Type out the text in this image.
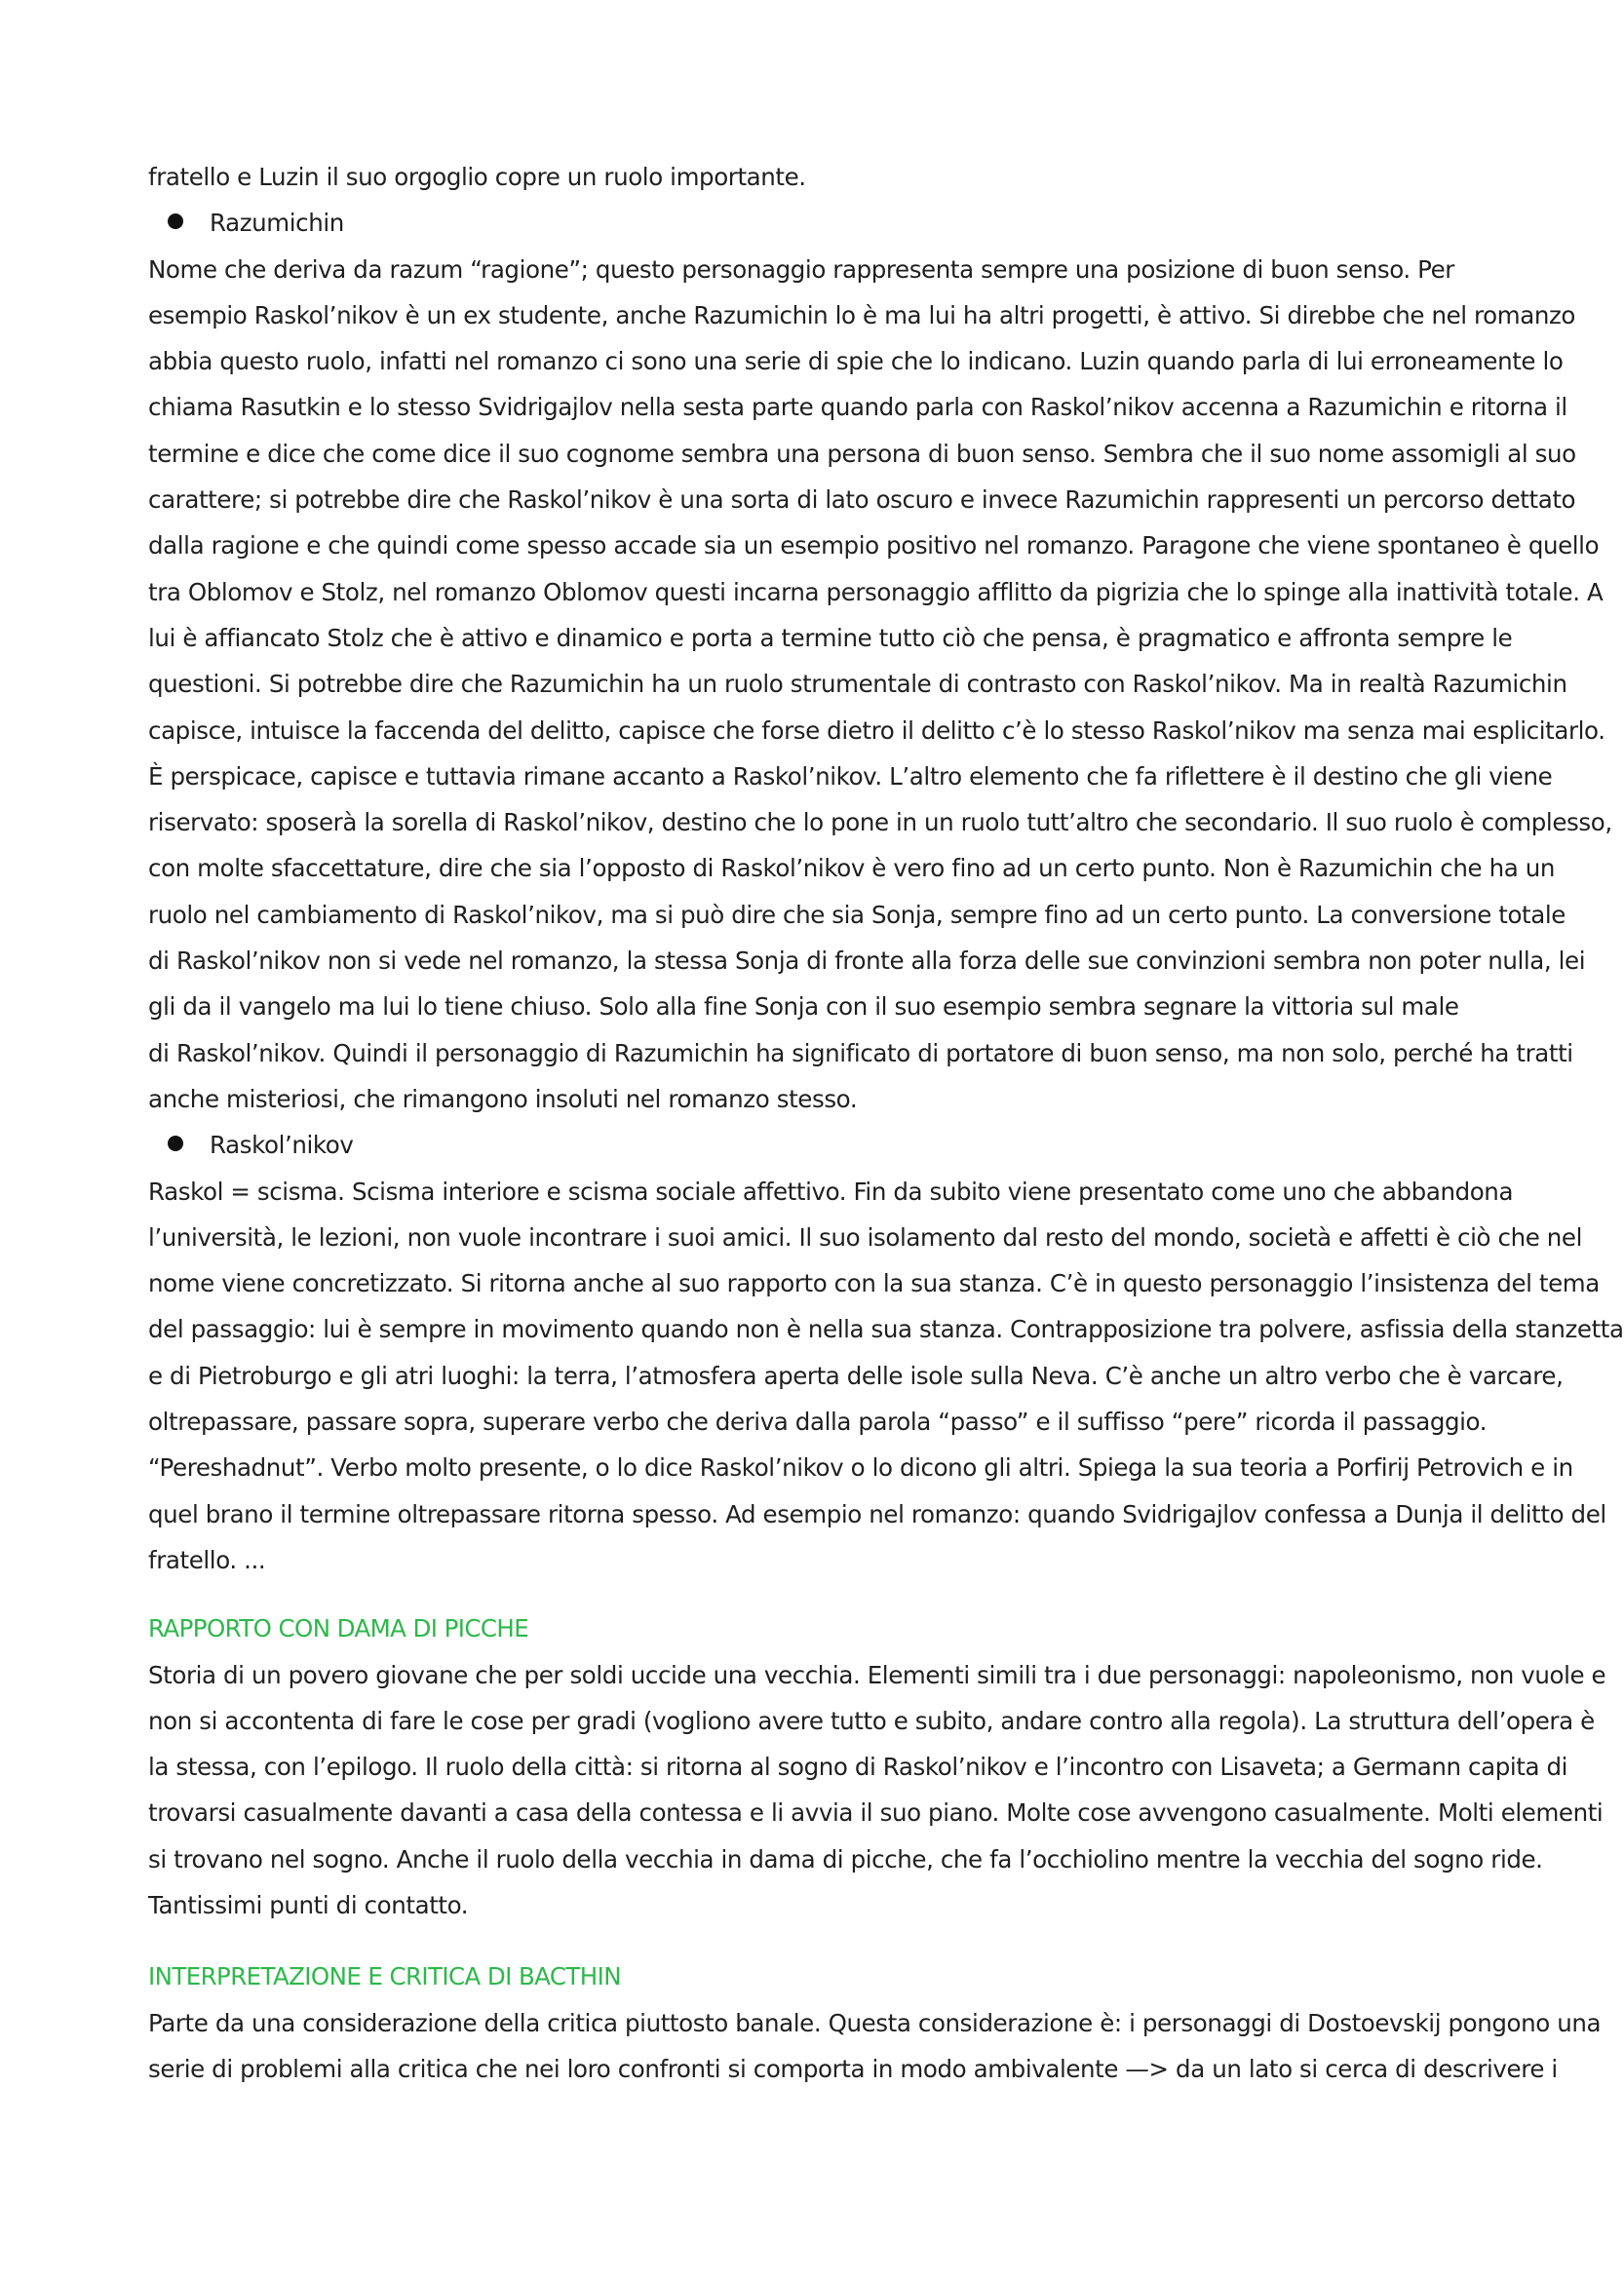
fratello e Luzin il suo orgoglio copre un ruolo importante.
Razumichin
Nome che deriva da razum “ragione”; questo personaggio rappresenta sempre una posizione di buon senso. Per
esempio Raskol’nikov è un ex studente, anche Razumichin lo è ma lui ha altri progetti, è attivo. Si direbbe che nel romanzo
abbia questo ruolo, infatti nel romanzo ci sono una serie di spie che lo indicano. Luzin quando parla di lui erroneamente lo
chiama Rasutkin e lo stesso Svidrigajlov nella sesta parte quando parla con Raskol’nikov accenna a Razumichin e ritorna il
termine e dice che come dice il suo cognome sembra una persona di buon senso. Sembra che il suo nome assomigli al suo
carattere; si potrebbe dire che Raskol’nikov è una sorta di lato oscuro e invece Razumichin rappresenti un percorso dettato
dalla ragione e che quindi come spesso accade sia un esempio positivo nel romanzo. Paragone che viene spontaneo è quello
tra Oblomov e Stolz, nel romanzo Oblomov questi incarna personaggio afflitto da pigrizia che lo spinge alla inattività totale. A
lui è affiancato Stolz che è attivo e dinamico e porta a termine tutto ciò che pensa, è pragmatico e affronta sempre le
questioni. Si potrebbe dire che Razumichin ha un ruolo strumentale di contrasto con Raskol’nikov. Ma in realtà Razumichin
capisce, intuisce la faccenda del delitto, capisce che forse dietro il delitto c’è lo stesso Raskol’nikov ma senza mai esplicitarlo.
È perspicace, capisce e tuttavia rimane accanto a Raskol’nikov. L’altro elemento che fa riflettere è il destino che gli viene
riservato: sposerà la sorella di Raskol’nikov, destino che lo pone in un ruolo tutt’altro che secondario. Il suo ruolo è complesso,
con molte sfaccettature, dire che sia l’opposto di Raskol’nikov è vero fino ad un certo punto. Non è Razumichin che ha un
ruolo nel cambiamento di Raskol’nikov, ma si può dire che sia Sonja, sempre fino ad un certo punto. La conversione totale
di Raskol’nikov non si vede nel romanzo, la stessa Sonja di fronte alla forza delle sue convinzioni sembra non poter nulla, lei
gli da il vangelo ma lui lo tiene chiuso. Solo alla fine Sonja con il suo esempio sembra segnare la vittoria sul male
di Raskol’nikov. Quindi il personaggio di Razumichin ha significato di portatore di buon senso, ma non solo, perché ha tratti
anche misteriosi, che rimangono insoluti nel romanzo stesso.
Raskol’nikov
Raskol = scisma. Scisma interiore e scisma sociale affettivo. Fin da subito viene presentato come uno che abbandona
l’università, le lezioni, non vuole incontrare i suoi amici. Il suo isolamento dal resto del mondo, società e affetti è ciò che nel
nome viene concretizzato. Si ritorna anche al suo rapporto con la sua stanza. C’è in questo personaggio l’insistenza del tema
del passaggio: lui è sempre in movimento quando non è nella sua stanza. Contrapposizione tra polvere, asfissia della stanzetta
e di Pietroburgo e gli atri luoghi: la terra, l’atmosfera aperta delle isole sulla Neva. C’è anche un altro verbo che è varcare,
oltrepassare, passare sopra, superare verbo che deriva dalla parola “passo” e il suffisso “pere” ricorda il passaggio.
“Pereshadnut”. Verbo molto presente, o lo dice Raskol’nikov o lo dicono gli altri. Spiega la sua teoria a Porfirij Petrovich e in
quel brano il termine oltrepassare ritorna spesso. Ad esempio nel romanzo: quando Svidrigajlov confessa a Dunja il delitto del
fratello. ...
RAPPORTO CON DAMA DI PICCHE
Storia di un povero giovane che per soldi uccide una vecchia. Elementi simili tra i due personaggi: napoleonismo, non vuole e
non si accontenta di fare le cose per gradi (vogliono avere tutto e subito, andare contro alla regola). La struttura dell’opera è
la stessa, con l’epilogo. Il ruolo della città: si ritorna al sogno di Raskol’nikov e l’incontro con Lisaveta; a Germann capita di
trovarsi casualmente davanti a casa della contessa e li avvia il suo piano. Molte cose avvengono casualmente. Molti elementi
si trovano nel sogno. Anche il ruolo della vecchia in dama di picche, che fa l’occhiolino mentre la vecchia del sogno ride.
Tantissimi punti di contatto.
INTERPRETAZIONE E CRITICA DI BACTHIN
Parte da una considerazione della critica piuttosto banale. Questa considerazione è: i personaggi di Dostoevskij pongono una
serie di problemi alla critica che nei loro confronti si comporta in modo ambivalente —> da un lato si cerca di descrivere i
